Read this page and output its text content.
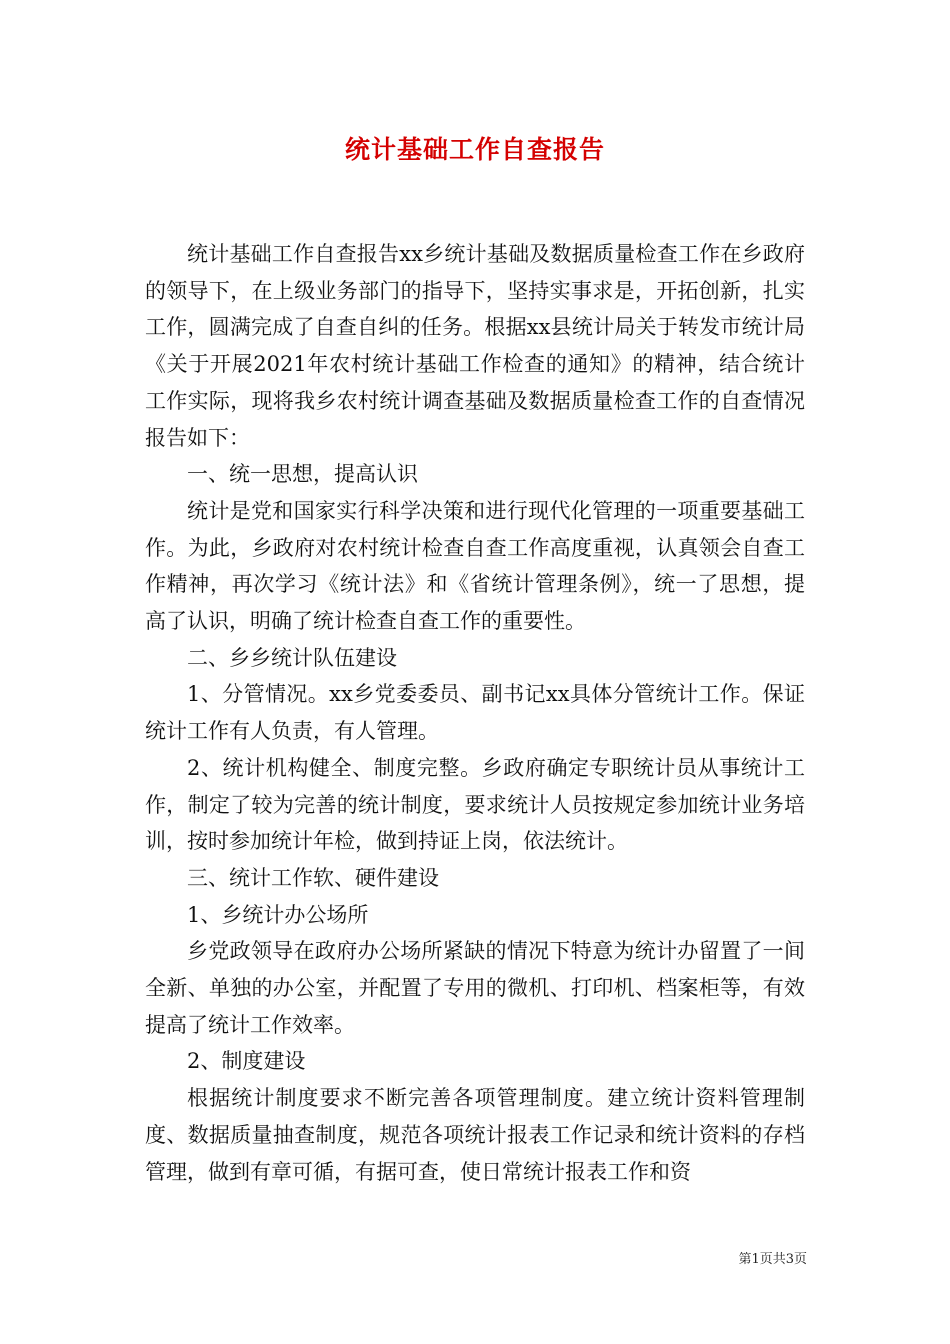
统计基础工作自查报告

统计基础工作自查报告xx乡统计基础及数据质量检查工作在乡政府的领导下，在上级业务部门的指导下，坚持实事求是，开拓创新，扎实工作，圆满完成了自查自纠的任务。根据xx县统计局关于转发市统计局《关于开展2021年农村统计基础工作检查的通知》的精神，结合统计工作实际，现将我乡农村统计调查基础及数据质量检查工作的自查情况报告如下：

一、统一思想，提高认识

统计是党和国家实行科学决策和进行现代化管理的一项重要基础工作。为此，乡政府对农村统计检查自查工作高度重视，认真领会自查工作精神，再次学习《统计法》和《省统计管理条例》，统一了思想，提高了认识，明确了统计检查自查工作的重要性。

二、乡乡统计队伍建设

1、分管情况。xx乡党委委员、副书记xx具体分管统计工作。保证统计工作有人负责，有人管理。

2、统计机构健全、制度完整。乡政府确定专职统计员从事统计工作，制定了较为完善的统计制度，要求统计人员按规定参加统计业务培训，按时参加统计年检，做到持证上岗，依法统计。

三、统计工作软、硬件建设

1、乡统计办公场所

乡党政领导在政府办公场所紧缺的情况下特意为统计办留置了一间全新、单独的办公室，并配置了专用的微机、打印机、档案柜等，有效提高了统计工作效率。

2、制度建设

根据统计制度要求不断完善各项管理制度。建立统计资料管理制度、数据质量抽查制度，规范各项统计报表工作记录和统计资料的存档管理，做到有章可循，有据可查，使日常统计报表工作和资

第1页共3页
